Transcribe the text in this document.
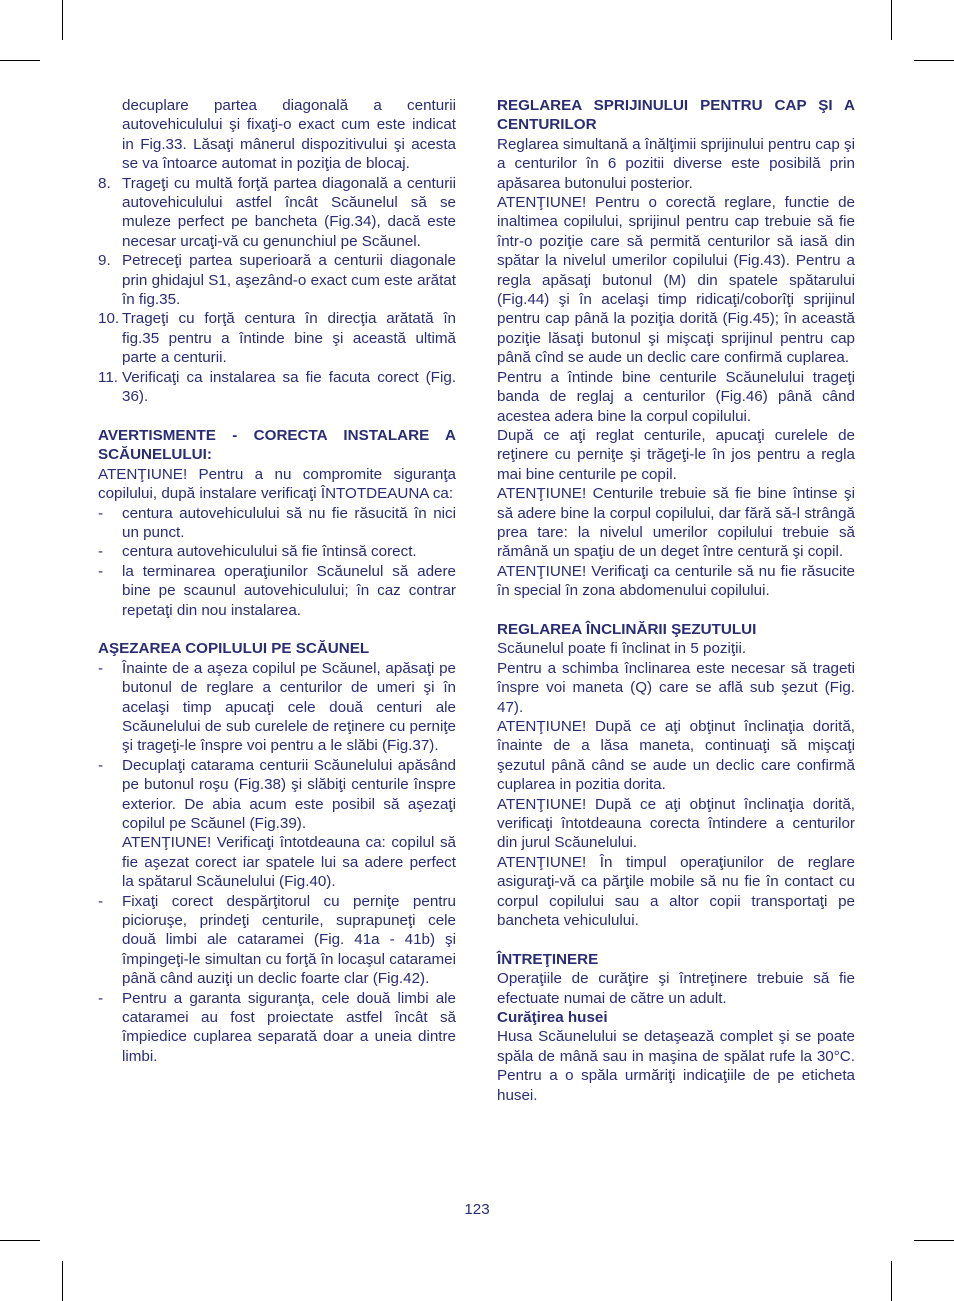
decuplare partea diagonală a centurii autovehiculului şi fixaţi-o exact cum este indicat in Fig.33. Lăsaţi mânerul dispozitivului şi acesta se va întoarce automat in poziţia de blocaj.

8. Trageţi cu multă forţă partea diagonală a centurii autovehiculului astfel încât Scăunelul să se muleze perfect pe bancheta (Fig.34), dacă este necesar urcaţi-vă cu genunchiul pe Scăunel.
9. Petreceţi partea superioară a centurii diagonale prin ghidajul S1, aşezând-o exact cum este arătat în fig.35.
10. Trageţi cu forţă centura în direcţia arătată în fig.35 pentru a întinde bine şi această ultimă parte a centurii.
11. Verificaţi ca instalarea sa fie facuta corect (Fig. 36).

AVERTISMENTE - CORECTA INSTALARE A SCĂUNELULUI:

ATENŢIUNE! Pentru a nu compromite siguranţa copilului, după instalare verificaţi ÎNTOTDEAUNA ca:

-	centura autovehiculului să nu fie răsucită în nici un punct.
-	centura autovehiculului să fie întinsă corect.
-	la terminarea operaţiunilor Scăunelul să adere bine pe scaunul autovehiculului; în caz contrar repetaţi din nou instalarea.

AŞEZAREA COPILULUI PE SCĂUNEL

-	Înainte de a aşeza copilul pe Scăunel, apăsaţi pe butonul de reglare a centurilor de umeri şi în acelaşi timp apucaţi cele două centuri ale Scăunelului de sub curelele de reţinere cu perniţe şi trageţi-le înspre voi pentru a le slăbi (Fig.37).
-	Decuplaţi catarama centurii Scăunelului apăsând pe butonul roşu (Fig.38) şi slăbiţi centurile înspre exterior. De abia acum este posibil să aşezaţi copilul pe Scăunel (Fig.39).

ATENŢIUNE! Verificaţi întotdeauna ca: copilul să fie aşezat corect iar spatele lui sa adere perfect la spătarul Scăunelului (Fig.40).

-	Fixaţi corect despărţitorul cu perniţe pentru picioruşe, prindeţi centurile, suprapuneţi cele două limbi ale cataramei (Fig. 41a - 41b) şi împingeţi-le simultan cu forţă în locaşul cataramei până când auziţi un declic foarte clar (Fig.42).
-	Pentru a garanta siguranţa, cele două limbi ale cataramei au fost proiectate astfel încât să împiedice cuplarea separată doar a uneia dintre limbi.

REGLAREA SPRIJINULUI PENTRU CAP ŞI A CENTURILOR

Reglarea simultană a înălţimii sprijinului pentru cap şi a centurilor în 6 pozitii diverse este posibilă prin apăsarea butonului posterior.

ATENŢIUNE! Pentru o corectă reglare, functie de inaltimea copilului, sprijinul pentru cap trebuie să fie într-o poziţie care să permită centurilor să iasă din spătar la nivelul umerilor copilului (Fig.43). Pentru a regla apăsaţi butonul (M) din spatele spătarului (Fig.44) şi în acelaşi timp ridicaţi/coborîţi sprijinul pentru cap până la poziţia dorită (Fig.45); în această poziţie lăsaţi butonul şi mişcaţi sprijinul pentru cap până cînd se aude un declic care confirmă cuplarea.

Pentru a întinde bine centurile Scăunelului trageţi banda de reglaj a centurilor (Fig.46) până când acestea adera bine la corpul copilului.

După ce aţi reglat centurile, apucaţi curelele de reţinere cu perniţe şi trăgeţi-le în jos pentru a regla mai bine centurile pe copil.

ATENŢIUNE! Centurile trebuie să fie bine întinse şi să adere bine la corpul copilului, dar fără să-l strângă prea tare: la nivelul umerilor copilului trebuie să rămână un spaţiu de un deget între centură şi copil.

ATENŢIUNE! Verificaţi ca centurile să nu fie răsucite în special în zona abdomenului copilului.

REGLAREA ÎNCLINĂRII ŞEZUTULUI

Scăunelul poate fi înclinat in 5 poziţii.

Pentru a schimba înclinarea este necesar să trageti înspre voi maneta (Q) care se află sub şezut (Fig. 47).

ATENŢIUNE! După ce aţi obţinut înclinaţia dorită, înainte de a lăsa maneta, continuaţi să mişcaţi şezutul până când se aude un declic care confirmă cuplarea in pozitia dorita.

ATENŢIUNE! După ce aţi obţinut înclinaţia dorită, verificaţi întotdeauna corecta întindere a centurilor din jurul Scăunelului.

ATENŢIUNE! În timpul operaţiunilor de reglare asiguraţi-vă ca părţile mobile să nu fie în contact cu corpul copilului sau a altor copii transportaţi pe bancheta vehiculului.

ÎNTREŢINERE

Operaţiile de curăţire şi întreţinere trebuie să fie efectuate numai de către un adult.

Curăţirea husei

Husa Scăunelului se detaşează complet şi se poate spăla de mână sau in maşina de spălat rufe la 30°C. Pentru a o spăla urmăriţi indicaţiile de pe eticheta husei.

123
